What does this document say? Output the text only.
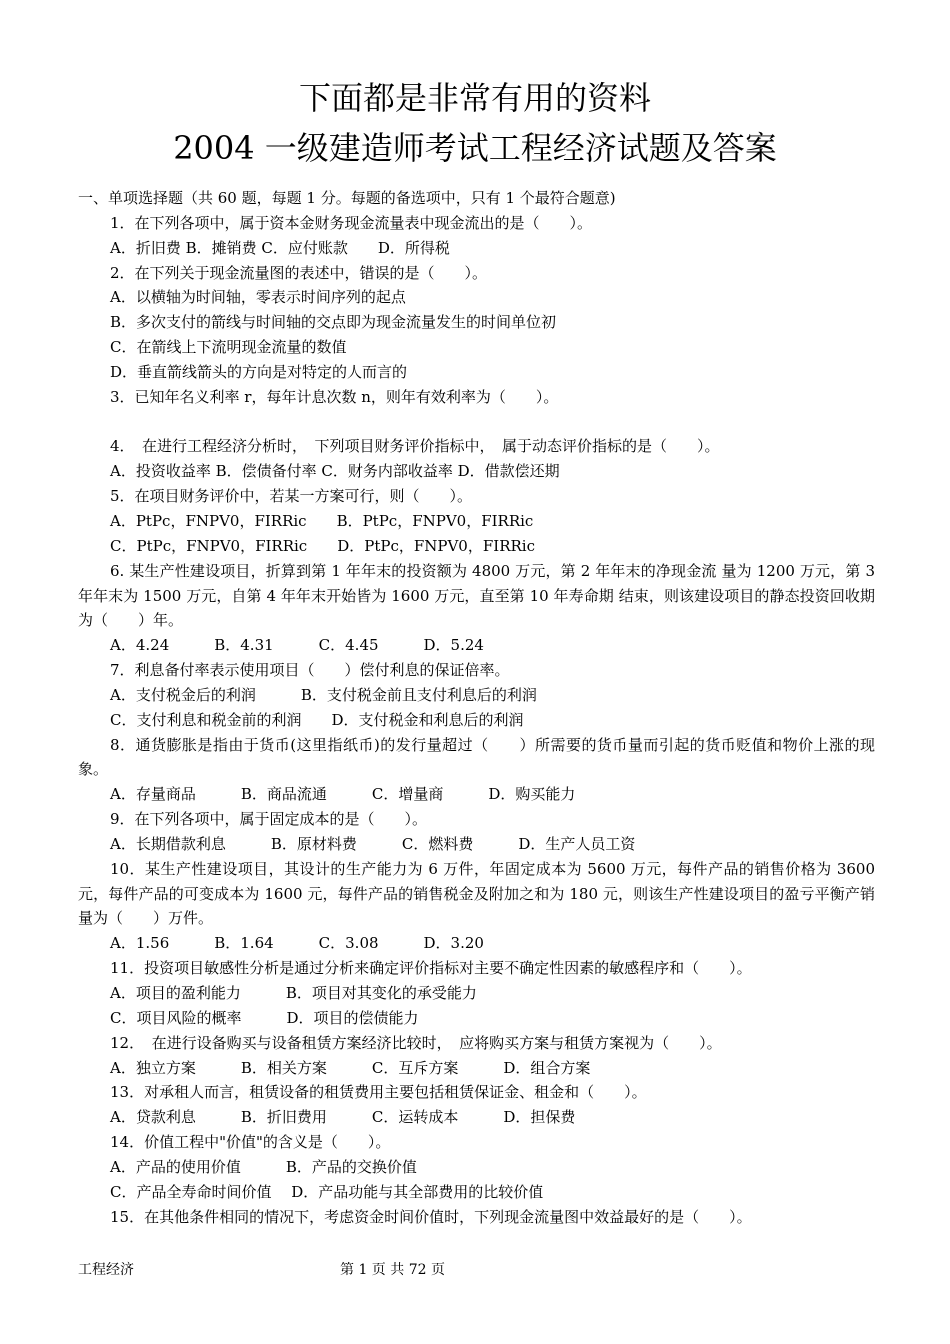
下面都是非常有用的资料
2004 一级建造师考试工程经济试题及答案
一、单项选择题（共 60 题，每题 1 分。每题的备选项中，只有 1 个最符合题意)
1．在下列各项中，属于资本金财务现金流量表中现金流出的是（　　）。
A．折旧费 B．摊销费 C．应付账款　　D．所得税
2．在下列关于现金流量图的表述中，错误的是（　　）。
A．以横轴为时间轴，零表示时间序列的起点
B．多次支付的箭线与时间轴的交点即为现金流量发生的时间单位初
C．在箭线上下流明现金流量的数值
D．垂直箭线箭头的方向是对特定的人而言的
3．已知年名义利率 r，每年计息次数 n，则年有效利率为（　　）。
4．　在进行工程经济分析时，　下列项目财务评价指标中，　属于动态评价指标的是（　　）。
A．投资收益率 B．偿债备付率 C．财务内部收益率 D．借款偿还期
5．在项目财务评价中，若某一方案可行，则（　　）。
A．PtPc，FNPV0，FIRRic　　B．PtPc，FNPV0，FIRRic
C．PtPc，FNPV0，FIRRic　　D．PtPc，FNPV0，FIRRic
6. 某生产性建设项目，折算到第 1 年年末的投资额为 4800 万元，第 2 年年末的净现金流 量为 1200 万元，第 3 年年末为 1500 万元，自第 4 年年末开始皆为 1600 万元，直至第 10 年寿命期 结束，则该建设项目的静态投资回收期为（　　）年。
A．4.24　　　B．4.31　　　C．4.45　　　D．5.24
7．利息备付率表示使用项目（　　）偿付利息的保证倍率。
A．支付税金后的利润　　　B．支付税金前且支付利息后的利润
C．支付利息和税金前的利润　　D．支付税金和利息后的利润
8．通货膨胀是指由于货币(这里指纸币)的发行量超过（　　）所需要的货币量而引起的货币贬值和物价上涨的现象。
A．存量商品　　　B．商品流通　　　C．增量商　　　D．购买能力
9．在下列各项中，属于固定成本的是（　　）。
A．长期借款利息　　　B．原材料费　　　C．燃料费　　　D．生产人员工资
10．某生产性建设项目，其设计的生产能力为 6 万件，年固定成本为 5600 万元，每件产品的销售价格为 3600 元，每件产品的可变成本为 1600 元，每件产品的销售税金及附加之和为 180 元，则该生产性建设项目的盈亏平衡产销量为（　　）万件。
A．1.56　　　B．1.64　　　C．3.08　　　D．3.20
11．投资项目敏感性分析是通过分析来确定评价指标对主要不确定性因素的敏感程序和（　　）。
A．项目的盈利能力　　　B．项目对其变化的承受能力
C．项目风险的概率　　　D．项目的偿债能力
12．　在进行设备购买与设备租赁方案经济比较时，　应将购买方案与租赁方案视为（　　）。
A．独立方案　　　B．相关方案　　　C．互斥方案　　　D．组合方案
13．对承租人而言，租赁设备的租赁费用主要包括租赁保证金、租金和（　　）。
A．贷款利息　　　B．折旧费用　　　C．运转成本　　　D．担保费
14．价值工程中"价值"的含义是（　　）。
A．产品的使用价值　　　B．产品的交换价值
C．产品全寿命时间价值　 D．产品功能与其全部费用的比较价值
15．在其他条件相同的情况下，考虑资金时间价值时，下列现金流量图中效益最好的是（　　）。
工程经济	第 1 页 共 72 页
